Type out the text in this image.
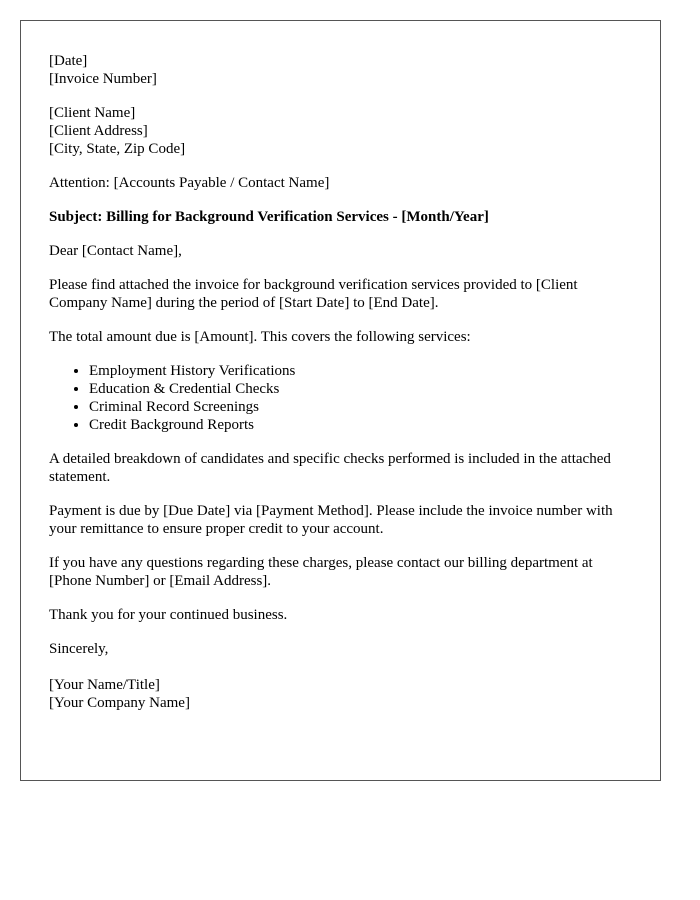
[Date]
[Invoice Number]

[Client Name]
[Client Address]
[City, State, Zip Code]

Attention: [Accounts Payable / Contact Name]

Subject: Billing for Background Verification Services - [Month/Year]

Dear [Contact Name],

Please find attached the invoice for background verification services provided to [Client Company Name] during the period of [Start Date] to [End Date].

The total amount due is [Amount]. This covers the following services:

• Employment History Verifications
• Education & Credential Checks
• Criminal Record Screenings
• Credit Background Reports

A detailed breakdown of candidates and specific checks performed is included in the attached statement.

Payment is due by [Due Date] via [Payment Method]. Please include the invoice number with your remittance to ensure proper credit to your account.

If you have any questions regarding these charges, please contact our billing department at [Phone Number] or [Email Address].

Thank you for your continued business.

Sincerely,

[Your Name/Title]
[Your Company Name]
